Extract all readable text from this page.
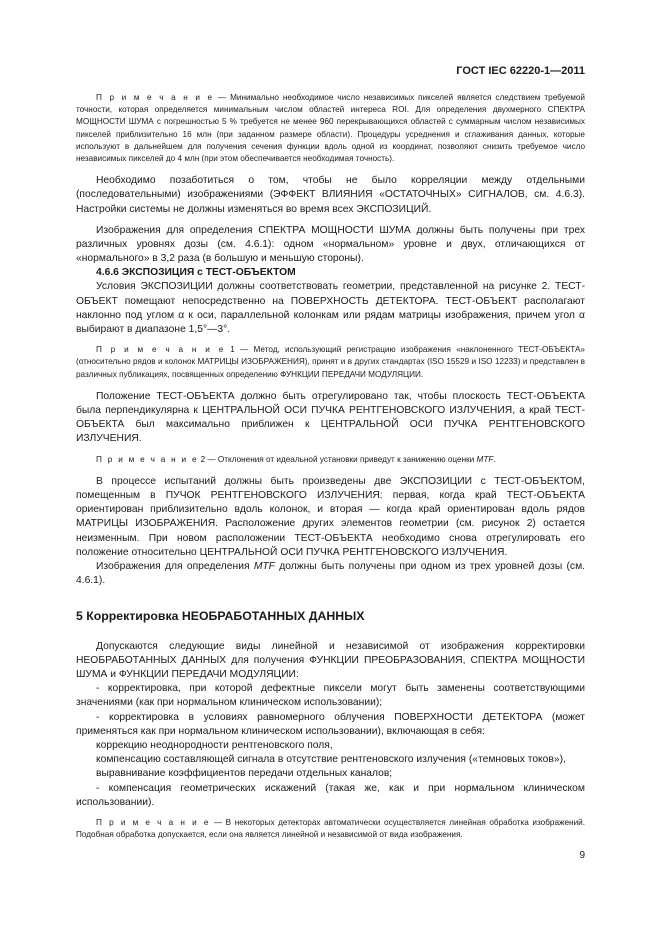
ГОСТ IEC 62220-1—2011

П р и м е ч а н и е — Минимально необходимое число независимых пикселей является следствием требуемой точности, которая определяется минимальным числом областей интереса ROI. Для определения двухмерного СПЕКТРА МОЩНОСТИ ШУМА с погрешностью 5 % требуется не менее 960 перекрывающихся областей с суммарным числом независимых пикселей приблизительно 16 млн (при заданном размере области). Процедуры усреднения и сглаживания данных, которые используют в дальнейшем для получения сечения функции вдоль одной из координат, позволяют снизить требуемое число независимых пикселей до 4 млн (при этом обеспечивается необходимая точность).

Необходимо позаботиться о том, чтобы не было корреляции между отдельными (последовательными) изображениями (ЭФФЕКТ ВЛИЯНИЯ «ОСТАТОЧНЫХ» СИГНАЛОВ, см. 4.6.3). Настройки системы не должны изменяться во время всех ЭКСПОЗИЦИЙ.

Изображения для определения СПЕКТРА МОЩНОСТИ ШУМА должны быть получены при трех различных уровнях дозы (см. 4.6.1): одном «нормальном» уровне и двух, отличающихся от «нормального» в 3,2 раза (в большую и меньшую стороны).

4.6.6 ЭКСПОЗИЦИЯ с ТЕСТ-ОБЪЕКТОМ

Условия ЭКСПОЗИЦИИ должны соответствовать геометрии, представленной на рисунке 2. ТЕСТ-ОБЪЕКТ помещают непосредственно на ПОВЕРХНОСТЬ ДЕТЕКТОРА. ТЕСТ-ОБЪЕКТ располагают наклонно под углом α к оси, параллельной колонкам или рядам матрицы изображения, причем угол α выбирают в диапазоне 1,5°—3°.

П р и м е ч а н и е 1 — Метод, использующий регистрацию изображения «наклоненного ТЕСТ-ОБЪЕКТА» (относительно рядов и колонок МАТРИЦЫ ИЗОБРАЖЕНИЯ), принят и в других стандартах (ISO 15529 и ISO 12233) и представлен в различных публикациях, посвященных определению ФУНКЦИИ ПЕРЕДАЧИ МОДУЛЯЦИИ.

Положение ТЕСТ-ОБЪЕКТА должно быть отрегулировано так, чтобы плоскость ТЕСТ-ОБЪЕКТА была перпендикулярна к ЦЕНТРАЛЬНОЙ ОСИ ПУЧКА РЕНТГЕНОВСКОГО ИЗЛУЧЕНИЯ, а край ТЕСТ-ОБЪЕКТА был максимально приближен к ЦЕНТРАЛЬНОЙ ОСИ ПУЧКА РЕНТГЕНОВСКОГО ИЗЛУЧЕНИЯ.

П р и м е ч а н и е 2 — Отклонения от идеальной установки приведут к занижению оценки MTF.

В процессе испытаний должны быть произведены две ЭКСПОЗИЦИИ с ТЕСТ-ОБЪЕКТОМ, помещенным в ПУЧОК РЕНТГЕНОВСКОГО ИЗЛУЧЕНИЯ: первая, когда край ТЕСТ-ОБЪЕКТА ориентирован приблизительно вдоль колонок, и вторая — когда край ориентирован вдоль рядов МАТРИЦЫ ИЗОБРАЖЕНИЯ. Расположение других элементов геометрии (см. рисунок 2) остается неизменным. При новом расположении ТЕСТ-ОБЪЕКТА необходимо снова отрегулировать его положение относительно ЦЕНТРАЛЬНОЙ ОСИ ПУЧКА РЕНТГЕНОВСКОГО ИЗЛУЧЕНИЯ.

Изображения для определения MTF должны быть получены при одном из трех уровней дозы (см. 4.6.1).

5 Корректировка НЕОБРАБОТАННЫХ ДАННЫХ

Допускаются следующие виды линейной и независимой от изображения корректировки НЕОБРАБОТАННЫХ ДАННЫХ для получения ФУНКЦИИ ПРЕОБРАЗОВАНИЯ, СПЕКТРА МОЩНОСТИ ШУМА и ФУНКЦИИ ПЕРЕДАЧИ МОДУЛЯЦИИ:

- корректировка, при которой дефектные пиксели могут быть заменены соответствующими значениями (как при нормальном клиническом использовании);

- корректировка в условиях равномерного облучения ПОВЕРХНОСТИ ДЕТЕКТОРА (может применяться как при нормальном клиническом использовании), включающая в себя:

коррекцию неоднородности рентгеновского поля,

компенсацию составляющей сигнала в отсутствие рентгеновского излучения («темновых токов»),

выравнивание коэффициентов передачи отдельных каналов;

- компенсация геометрических искажений (такая же, как и при нормальном клиническом использовании).

П р и м е ч а н и е — В некоторых детекторах автоматически осуществляется линейная обработка изображений. Подобная обработка допускается, если она является линейной и независимой от вида изображения.

9
